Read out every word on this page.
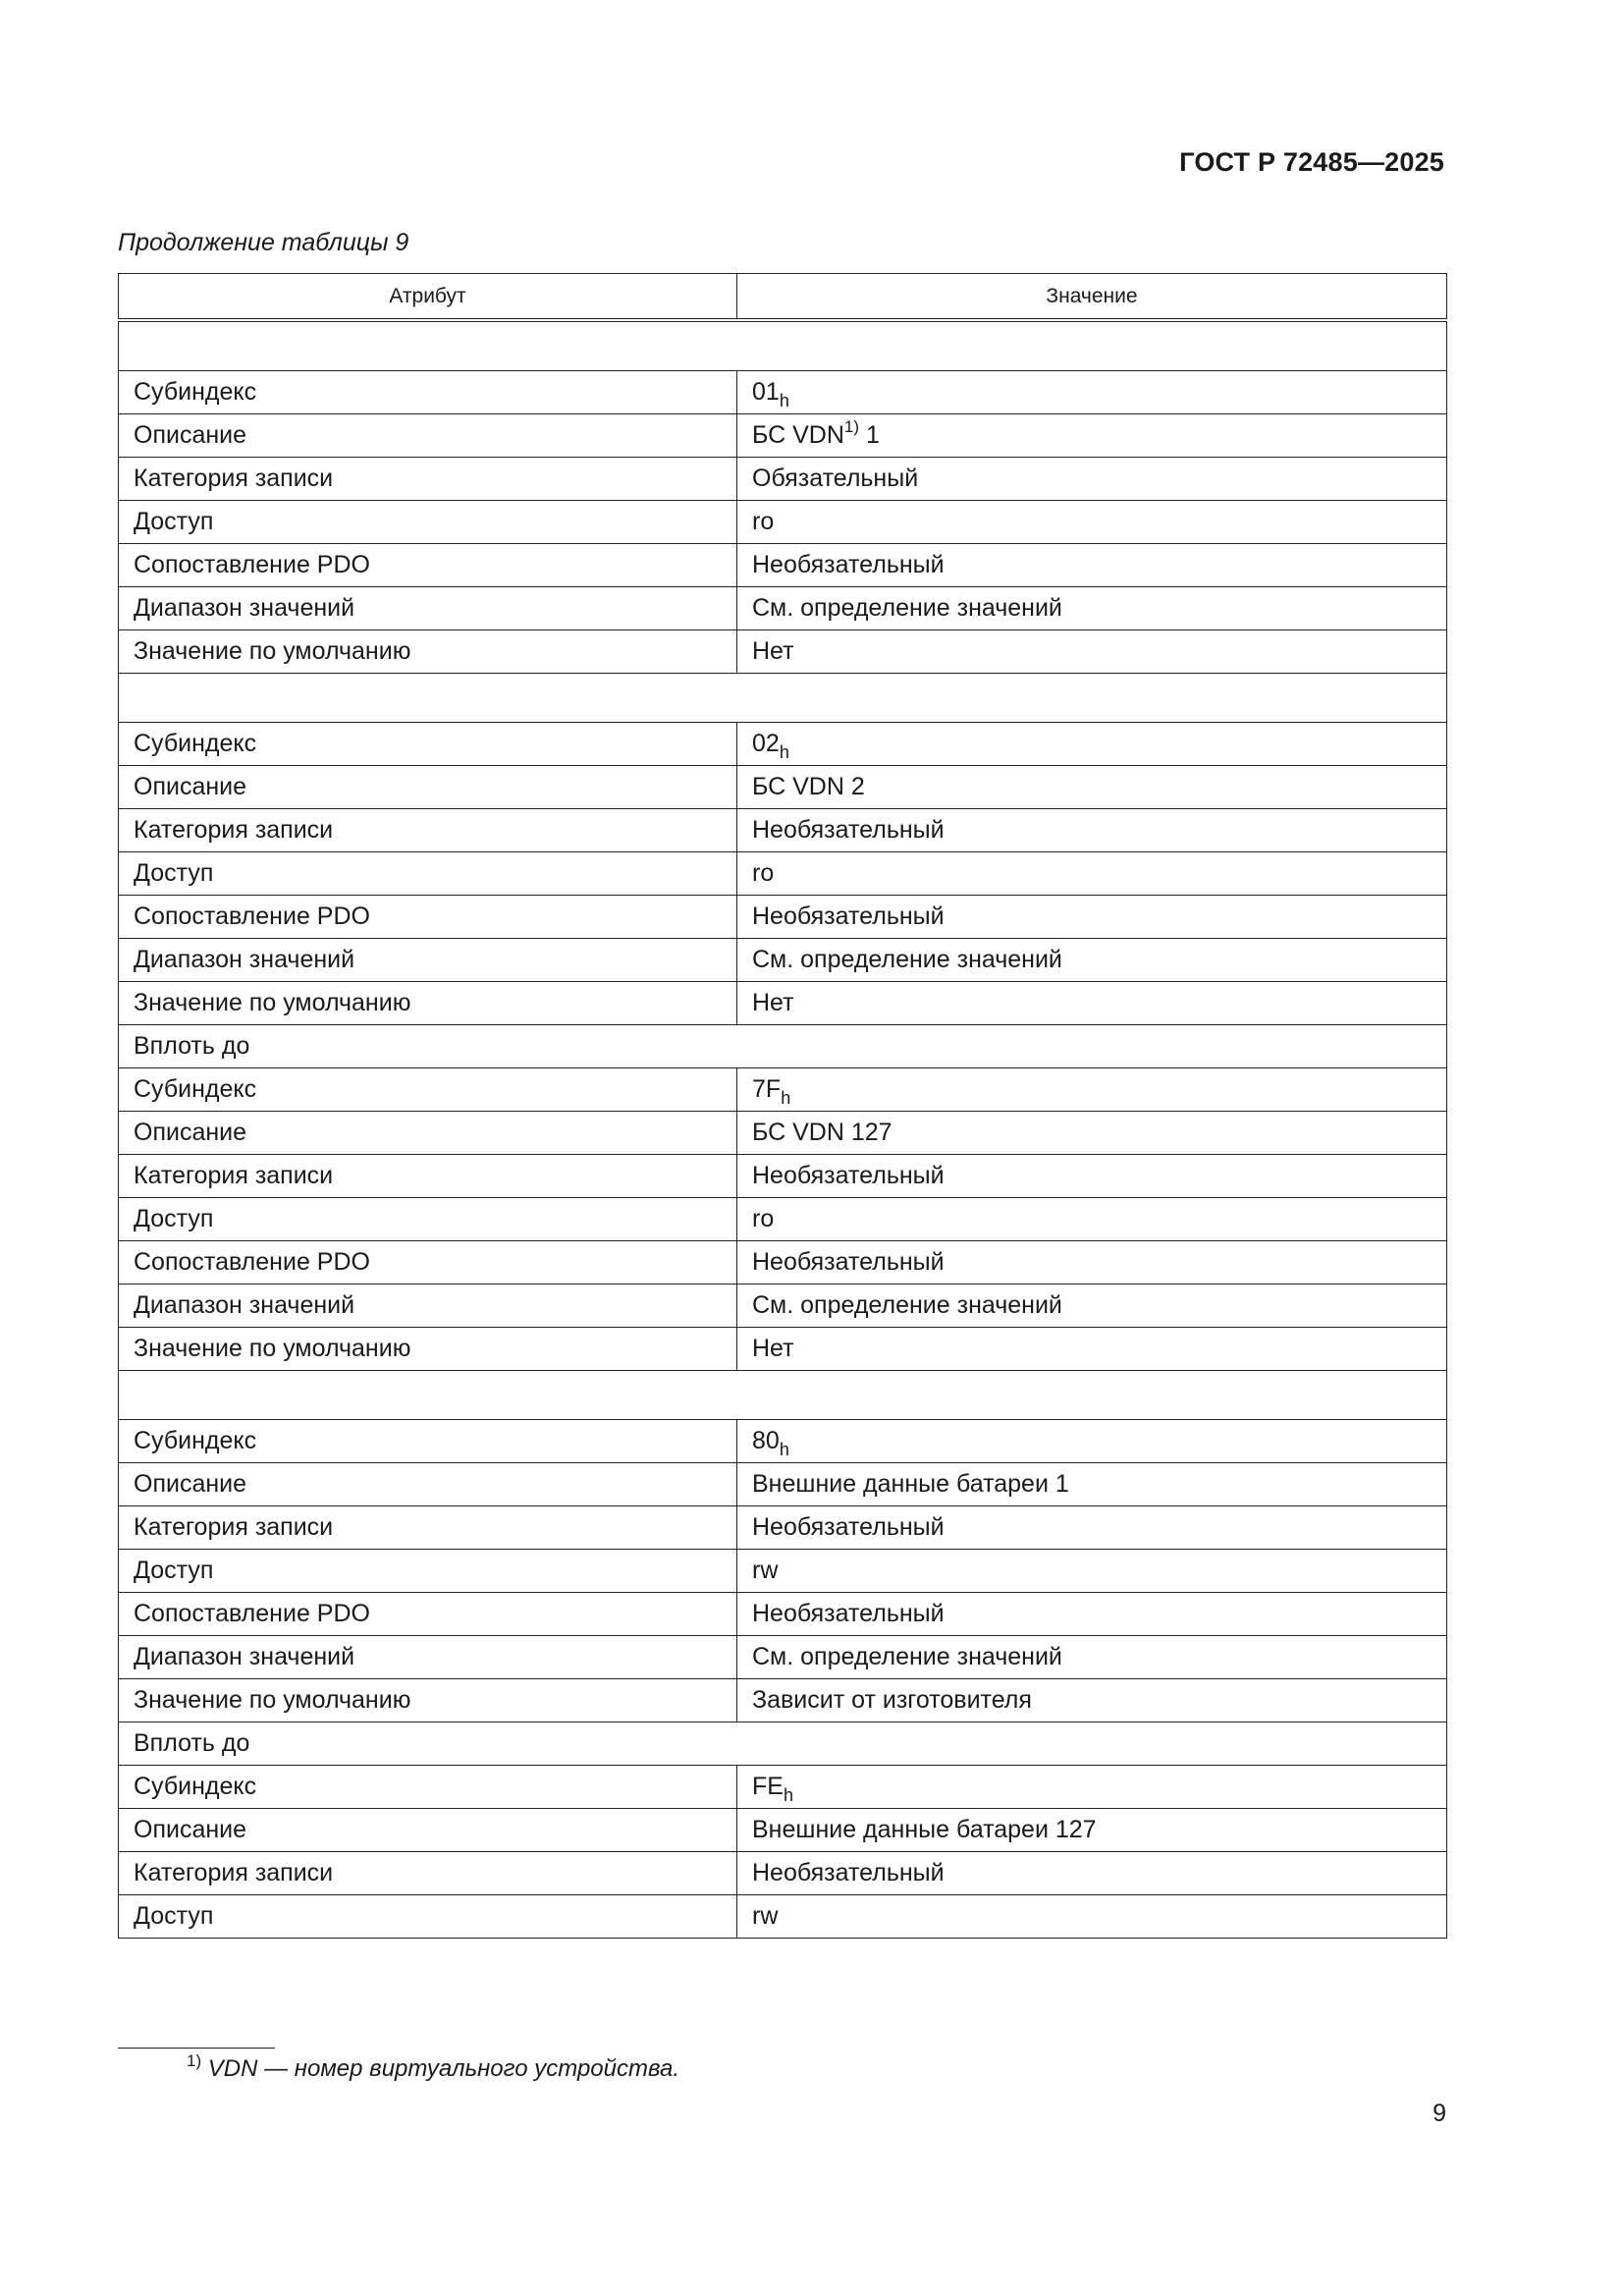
ГОСТ Р 72485—2025
Продолжение таблицы 9
Атрибут	Значение

Субиндекс	$01_h$
Описание	БС VDN$^{1)}$ 1
Категория записи	Обязательный
Доступ	ro
Сопоставление PDO	Необязательный
Диапазон значений	См. определение значений
Значение по умолчанию	Нет

Субиндекс	$02_h$
Описание	БС VDN 2
Категория записи	Необязательный
Доступ	ro
Сопоставление PDO	Необязательный
Диапазон значений	См. определение значений
Значение по умолчанию	Нет
Вплоть до	
Субиндекс	$7F_h$
Описание	БС VDN 127
Категория записи	Необязательный
Доступ	ro
Сопоставление PDO	Необязательный
Диапазон значений	См. определение значений
Значение по умолчанию	Нет

Субиндекс	$80_h$
Описание	Внешние данные батареи 1
Категория записи	Необязательный
Доступ	rw
Сопоставление PDO	Необязательный
Диапазон значений	См. определение значений
Значение по умолчанию	Зависит от изготовителя
Вплоть до	
Субиндекс	$FE_h$
Описание	Внешние данные батареи 127
Категория записи	Необязательный
Доступ	rw
$^{1)}$ VDN — номер виртуального устройства.
9
